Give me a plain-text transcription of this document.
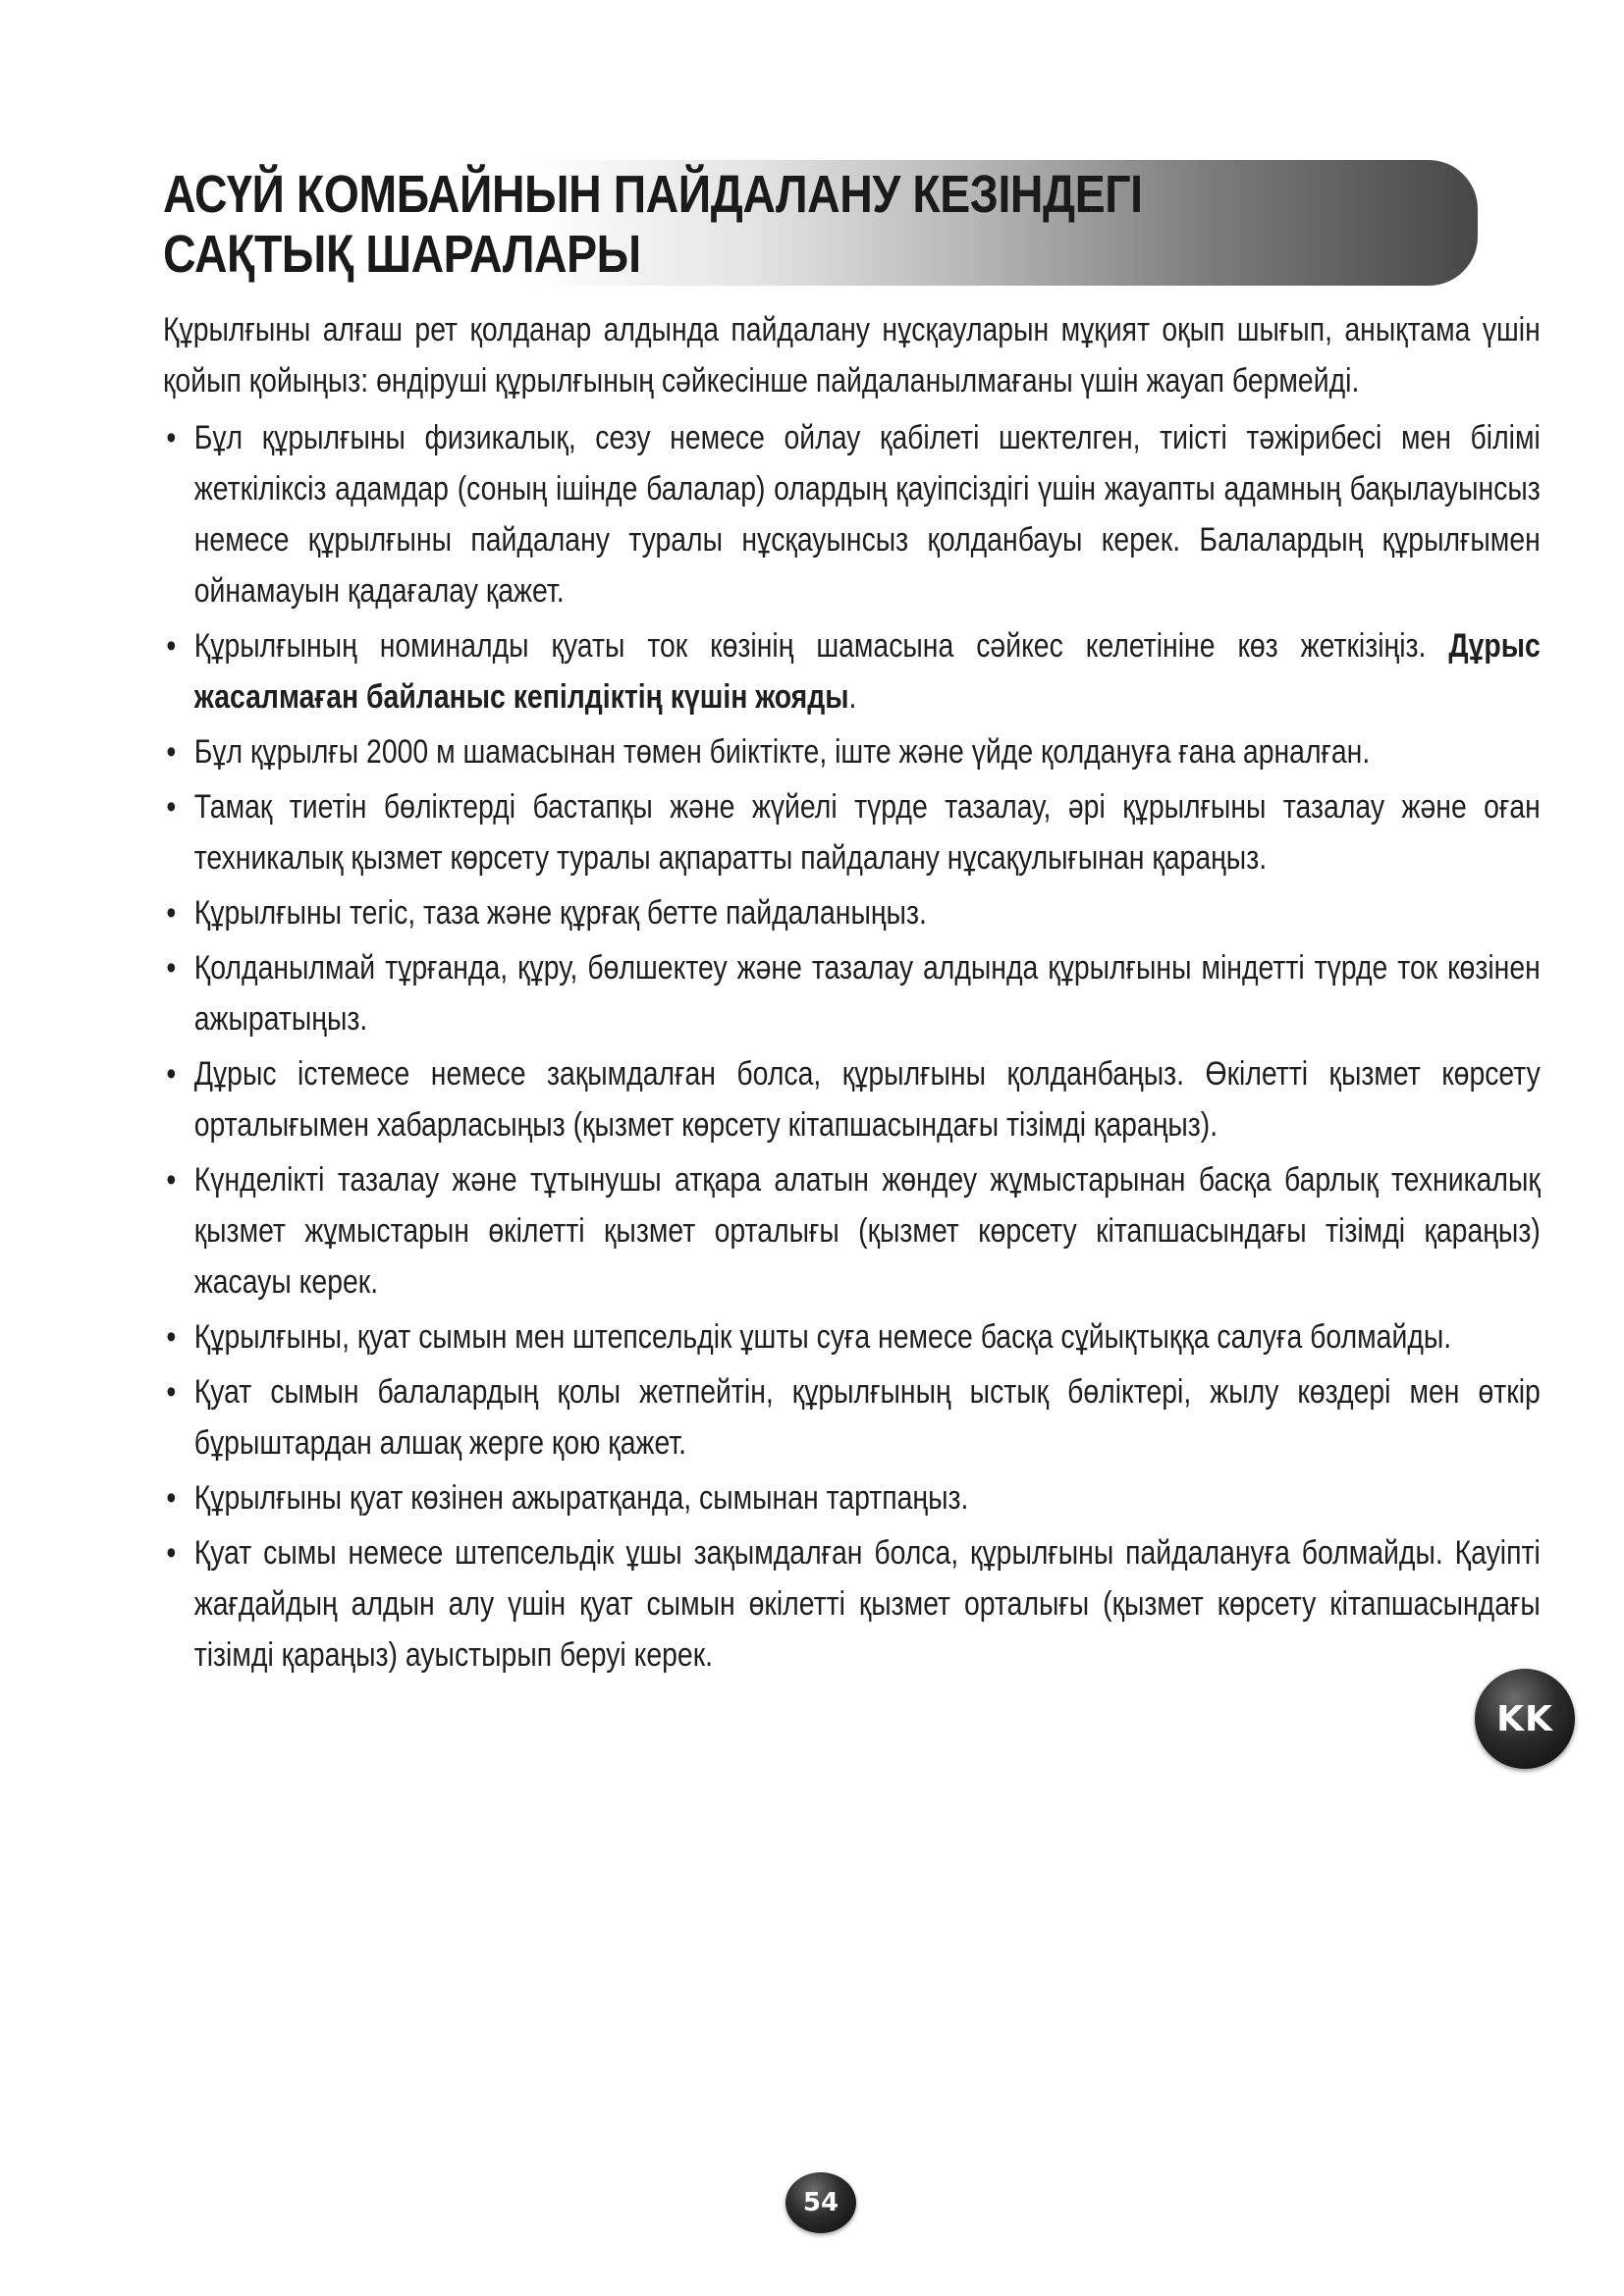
АСҮЙ КОМБАЙНЫН ПАЙДАЛАНУ КЕЗІНДЕГІ
САҚТЫҚ ШАРАЛАРЫ

Құрылғыны алғаш рет қолданар алдында пайдалану нұсқауларын мұқият оқып шығып, анықтама үшін қойып қойыңыз: өндіруші құрылғының сәйкесінше пайдаланылмағаны үшін жауап бермейді.

• Бұл құрылғыны физикалық, сезу немесе ойлау қабілеті шектелген, тиісті тәжірибесі мен білімі жеткіліксіз адамдар (соның ішінде балалар) олардың қауіпсіздігі үшін жауапты адамның бақылауынсыз немесе құрылғыны пайдалану туралы нұсқауынсыз қолданбауы керек. Балалардың құрылғымен ойнамауын қадағалау қажет.
• Құрылғының номиналды қуаты ток көзінің шамасына сәйкес келетініне көз жеткізіңіз. Дұрыс жасалмаған байланыс кепілдіктің күшін жояды.
• Бұл құрылғы 2000 м шамасынан төмен биіктікте, іште және үйде қолдануға ғана арналған.
• Тамақ тиетін бөліктерді бастапқы және жүйелі түрде тазалау, әрі құрылғыны тазалау және оған техникалық қызмет көрсету туралы ақпаратты пайдалану нұсақулығынан қараңыз.
• Құрылғыны тегіс, таза және құрғақ бетте пайдаланыңыз.
• Қолданылмай тұрғанда, құру, бөлшектеу және тазалау алдында құрылғыны міндетті түрде ток көзінен ажыратыңыз.
• Дұрыс істемесе немесе зақымдалған болса, құрылғыны қолданбаңыз. Өкілетті қызмет көрсету орталығымен хабарласыңыз (қызмет көрсету кітапшасындағы тізімді қараңыз).
• Күнделікті тазалау және тұтынушы атқара алатын жөндеу жұмыстарынан басқа барлық техникалық қызмет жұмыстарын өкілетті қызмет орталығы (қызмет көрсету кітапшасындағы тізімді қараңыз) жасауы керек.
• Құрылғыны, қуат сымын мен штепсельдік ұшты суға немесе басқа сұйықтыққа салуға болмайды.
• Қуат сымын балалардың қолы жетпейтін, құрылғының ыстық бөліктері, жылу көздері мен өткір бұрыштардан алшақ жерге қою қажет.
• Құрылғыны қуат көзінен ажыратқанда, сымынан тартпаңыз.
• Қуат сымы немесе штепсельдік ұшы зақымдалған болса, құрылғыны пайдалануға болмайды. Қауіпті жағдайдың алдын алу үшін қуат сымын өкілетті қызмет орталығы (қызмет көрсету кітапшасындағы тізімді қараңыз) ауыстырып беруі керек.
KK
54
